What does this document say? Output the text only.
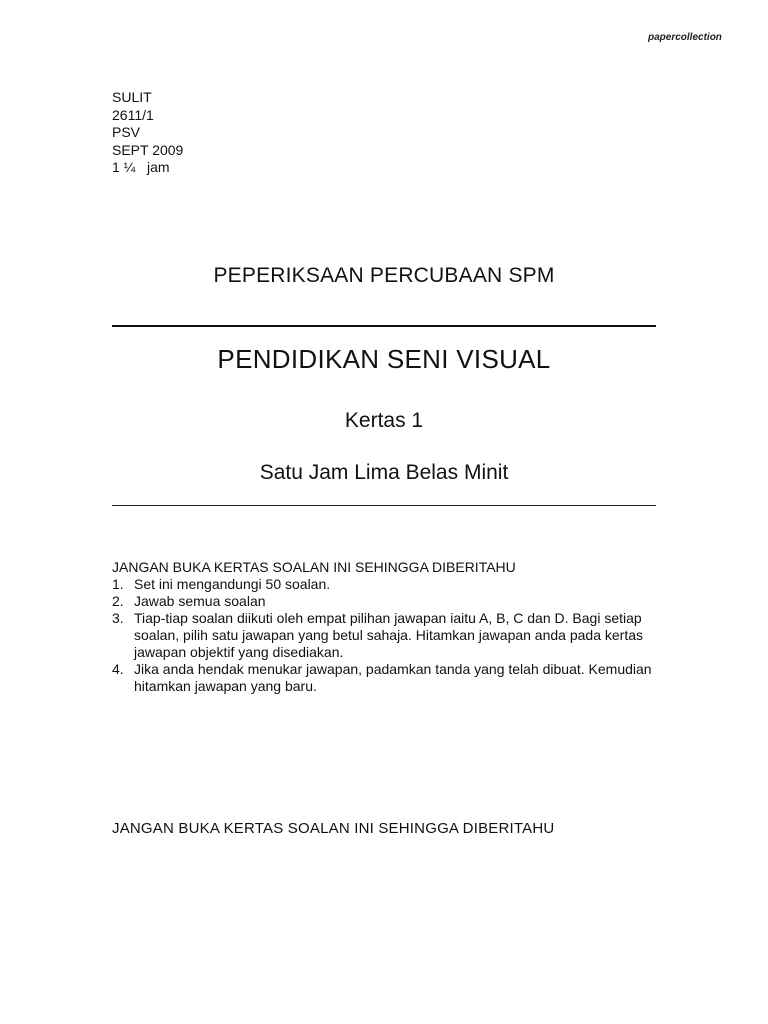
papercollection
SULIT
2611/1
PSV
SEPT 2009
1 ¼   jam
PEPERIKSAAN PERCUBAAN SPM
PENDIDIKAN SENI VISUAL
Kertas 1
Satu Jam Lima Belas Minit
JANGAN BUKA KERTAS SOALAN INI SEHINGGA DIBERITAHU
1. Set ini mengandungi 50 soalan.
2. Jawab semua soalan
3. Tiap-tiap soalan diikuti oleh empat pilihan jawapan iaitu A, B, C dan D. Bagi setiap soalan, pilih satu jawapan yang betul sahaja. Hitamkan jawapan anda pada kertas jawapan objektif yang disediakan.
4. Jika anda hendak menukar jawapan, padamkan tanda yang telah dibuat. Kemudian hitamkan jawapan yang baru.
JANGAN BUKA KERTAS SOALAN INI SEHINGGA DIBERITAHU
